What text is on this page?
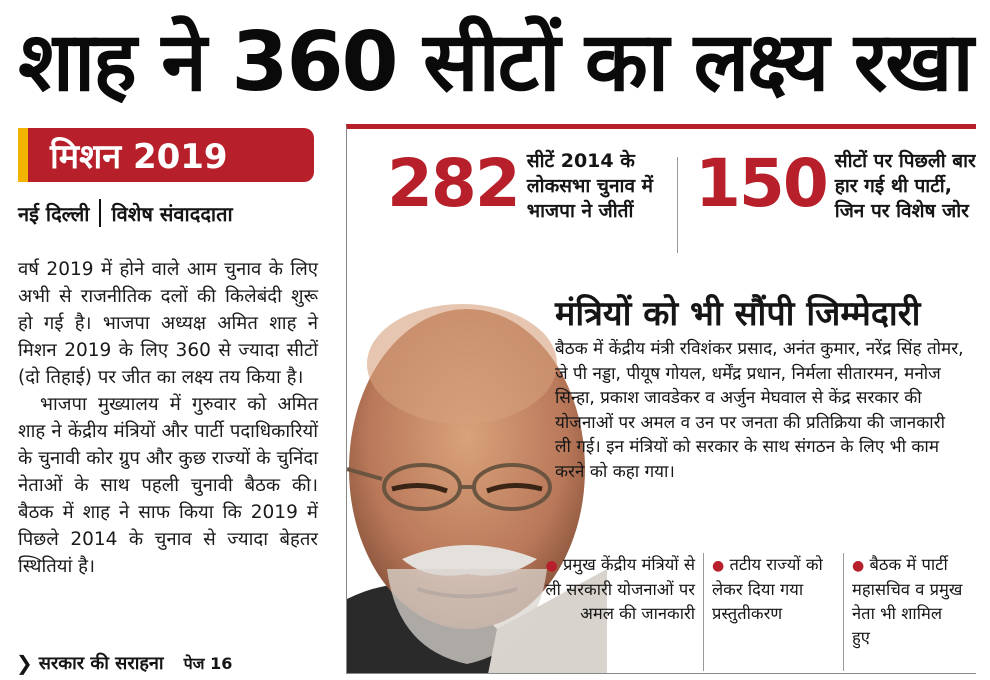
शाह ने 360 सीटों का लक्ष्य रखा
मिशन 2019
नई दिल्ली विशेष संवाददाता

वर्ष 2019 में होने वाले आम चुनाव के लिए अभी से राजनीतिक दलों की किलेबंदी शुरू हो गई है। भाजपा अध्यक्ष अमित शाह ने मिशन 2019 के लिए 360 से ज्यादा सीटों (दो तिहाई) पर जीत का लक्ष्य तय किया है।

भाजपा मुख्यालय में गुरुवार को अमित शाह ने केंद्रीय मंत्रियों और पार्टी पदाधिकारियों के चुनावी कोर ग्रुप और कुछ राज्यों के चुनिंदा नेताओं के साथ पहली चुनावी बैठक की। बैठक में शाह ने साफ किया कि 2019 में पिछले 2014 के चुनाव से ज्यादा बेहतर स्थितियां है।

❯ सरकार की सराहना पेज 16
282 सीटें 2014 के
लोकसभा चुनाव में
भाजपा ने जीतीं 150 सीटों पर पिछली बार
हार गई थी पार्टी,
जिन पर विशेष जोर
मंत्रियों को भी सौंपी जिम्मेदारी
बैठक में केंद्रीय मंत्री रविशंकर प्रसाद, अनंत कुमार, नरेंद्र सिंह तोमर, जे पी नड्डा, पीयूष गोयल, धर्मेंद्र प्रधान, निर्मला सीतारमन, मनोज सिन्हा, प्रकाश जावडेकर व अर्जुन मेघवाल से केंद्र सरकार की योजनाओं पर अमल व उन पर जनता की प्रतिक्रिया की जानकारी ली गई। इन मंत्रियों को सरकार के साथ संगठन के लिए भी काम करने को कहा गया।
● प्रमुख केंद्रीय मंत्रियों से ली सरकारी योजनाओं पर अमल की जानकारी
● तटीय राज्यों को लेकर दिया गया प्रस्तुतीकरण
● बैठक में पार्टी महासचिव व प्रमुख नेता भी शामिल हुए
